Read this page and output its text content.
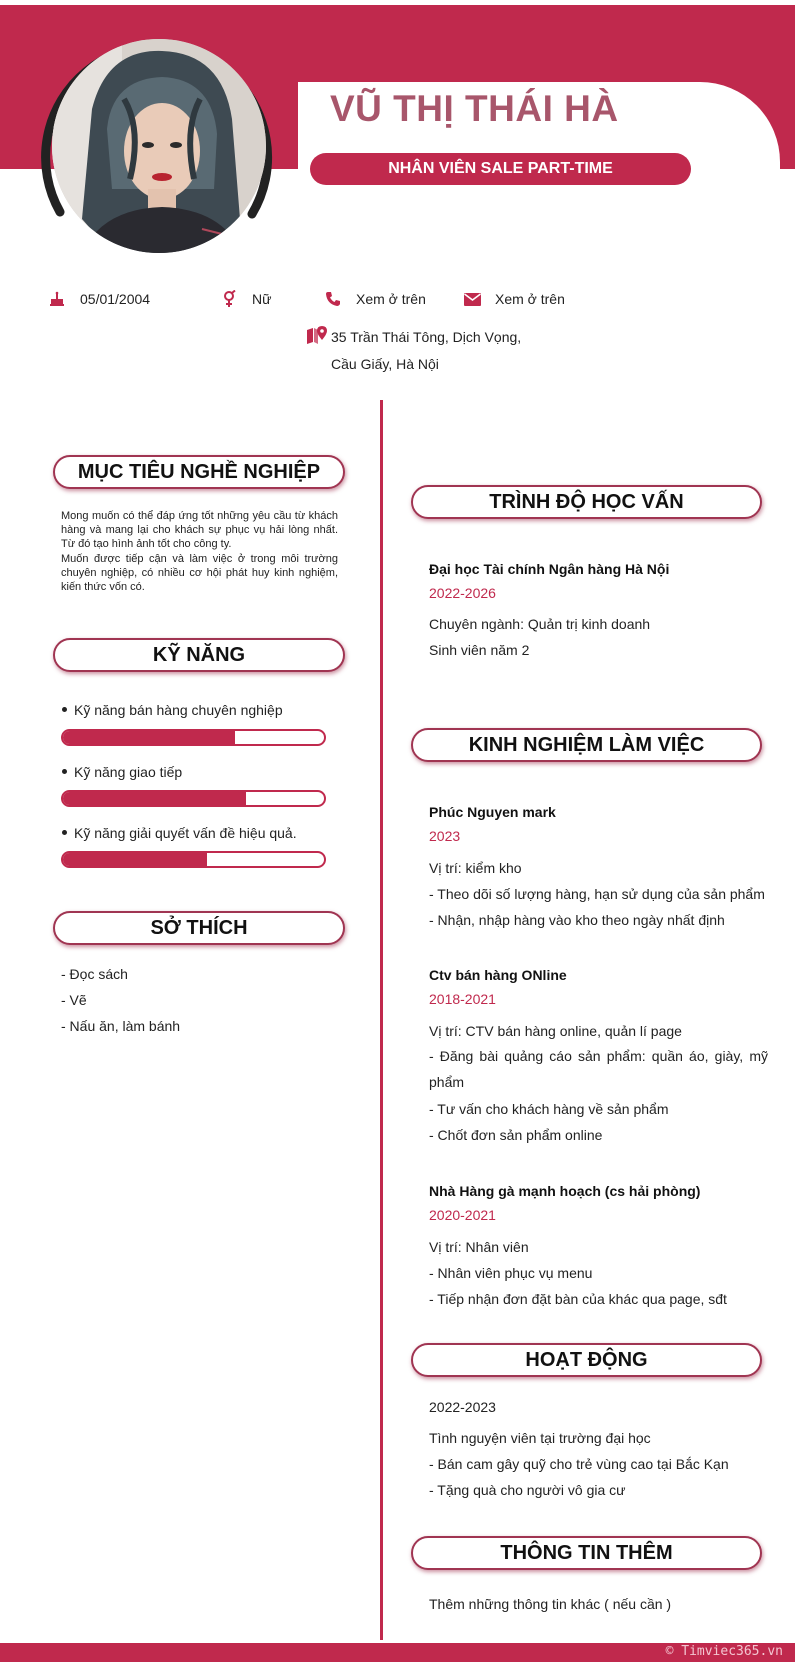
VŨ THỊ THÁI HÀ
NHÂN VIÊN SALE PART-TIME
05/01/2004	Nữ	Xem ở trên	Xem ở trên
35 Trần Thái Tông, Dịch Vọng,
Cầu Giấy, Hà Nội
MỤC TIÊU NGHỀ NGHIỆP
Mong muốn có thể đáp ứng tốt những yêu cầu từ khách hàng và mang lại cho khách sự phục vụ hải lòng nhất. Từ đó tạo hình ảnh tốt cho công ty.
Muốn được tiếp cận và làm việc ở trong môi trường chuyên nghiệp, có nhiều cơ hội phát huy kinh nghiệm, kiến thức vốn có.
KỸ NĂNG
Kỹ năng bán hàng chuyên nghiệp
Kỹ năng giao tiếp
Kỹ năng giải quyết vấn đề hiệu quả.
SỞ THÍCH
- Đọc sách
- Vẽ
- Nấu ăn, làm bánh
TRÌNH ĐỘ HỌC VẤN
Đại học Tài chính Ngân hàng Hà Nội
2022-2026
Chuyên ngành: Quản trị kinh doanh
Sinh viên năm 2
KINH NGHIỆM LÀM VIỆC
Phúc Nguyen mark
2023
Vị trí: kiểm kho
- Theo dõi số lượng hàng, hạn sử dụng của sản phẩm
- Nhận, nhập hàng vào kho theo ngày nhất định
Ctv bán hàng ONline
2018-2021
Vị trí: CTV bán hàng online, quản lí page
- Đăng bài quảng cáo sản phẩm: quần áo, giày, mỹ phẩm
- Tư vấn cho khách hàng về sản phẩm
- Chốt đơn sản phẩm online
Nhà Hàng gà mạnh hoạch (cs hải phòng)
2020-2021
Vị trí: Nhân viên
- Nhân viên phục vụ menu
- Tiếp nhận đơn đặt bàn của khác qua page, sđt
HOẠT ĐỘNG
2022-2023
Tình nguyện viên tại trường đại học
- Bán cam gây quỹ cho trẻ vùng cao tại Bắc Kạn
- Tặng quà cho người vô gia cư
THÔNG TIN THÊM
Thêm những thông tin khác ( nếu cần )
© Timviec365.vn
